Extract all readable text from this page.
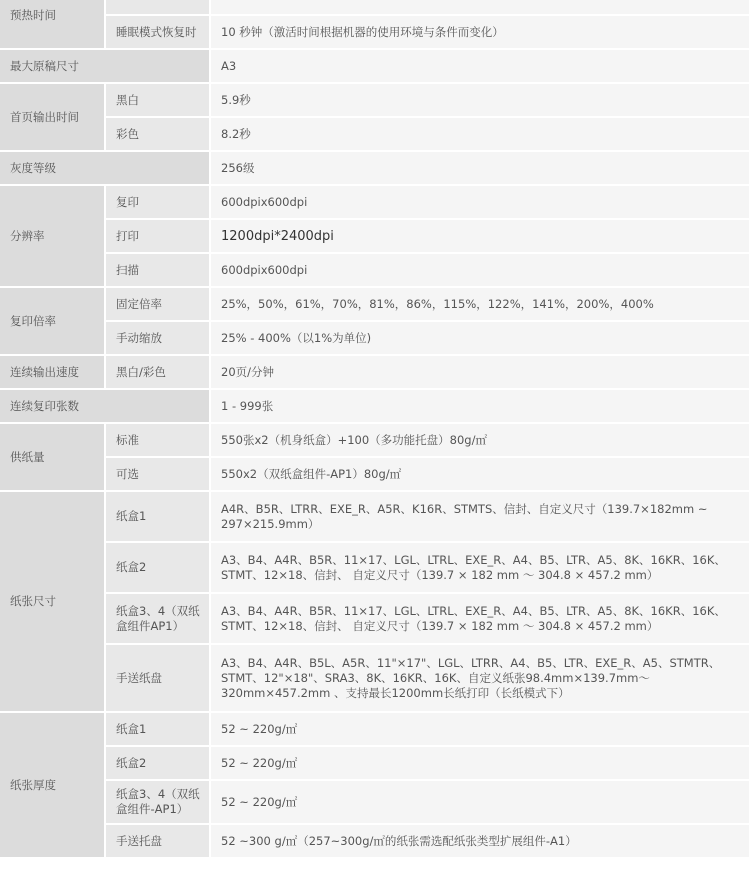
预热时间		
	睡眠模式恢复时	10 秒钟（激活时间根据机器的使用环境与条件而变化）
最大原稿尺寸		A3
首页输出时间	黑白	5.9秒
	彩色	8.2秒
灰度等级		256级
分辨率	复印	600dpix600dpi
	打印	1200dpi*2400dpi
	扫描	600dpix600dpi
复印倍率	固定倍率	25%，50%，61%，70%，81%，86%，115%，122%，141%，200%，400%
	手动缩放	25% - 400%（以1%为单位)
连续输出速度	黑白/彩色	20页/分钟
连续复印张数		1 - 999张
供纸量	标准	550张x2（机身纸盒）+100（多功能托盘）80g/㎡
	可选	550x2（双纸盒组件-AP1）80g/㎡
纸张尺寸	纸盒1	A4R、B5R、LTRR、EXE_R、A5R、K16R、STMTS、信封、自定义尺寸（139.7×182mm ~ 297×215.9mm）
	纸盒2	A3、B4、A4R、B5R、11×17、LGL、LTRL、EXE_R、A4、B5、LTR、A5、8K、16KR、16K、STMT、12×18、信封、 自定义尺寸（139.7 × 182 mm ～ 304.8 × 457.2 mm）
	纸盒3、4（双纸盒组件AP1）	A3、B4、A4R、B5R、11×17、LGL、LTRL、EXE_R、A4、B5、LTR、A5、8K、16KR、16K、STMT、12×18、信封、 自定义尺寸（139.7 × 182 mm ～ 304.8 × 457.2 mm）
	手送纸盘	A3、B4、A4R、B5L、A5R、11"×17"、LGL、LTRR、A4、B5、LTR、EXE_R、A5、STMTR、STMT、12"×18"、SRA3、8K、16KR、16K、自定义纸张98.4mm×139.7mm～320mm×457.2mm 、支持最长1200mm长纸打印（长纸模式下）
纸张厚度	纸盒1	52 ~ 220g/㎡
	纸盒2	52 ~ 220g/㎡
	纸盒3、4（双纸盒组件-AP1）	52 ~ 220g/㎡
	手送托盘	52 ~300 g/㎡（257~300g/㎡的纸张需选配纸张类型扩展组件-A1）
